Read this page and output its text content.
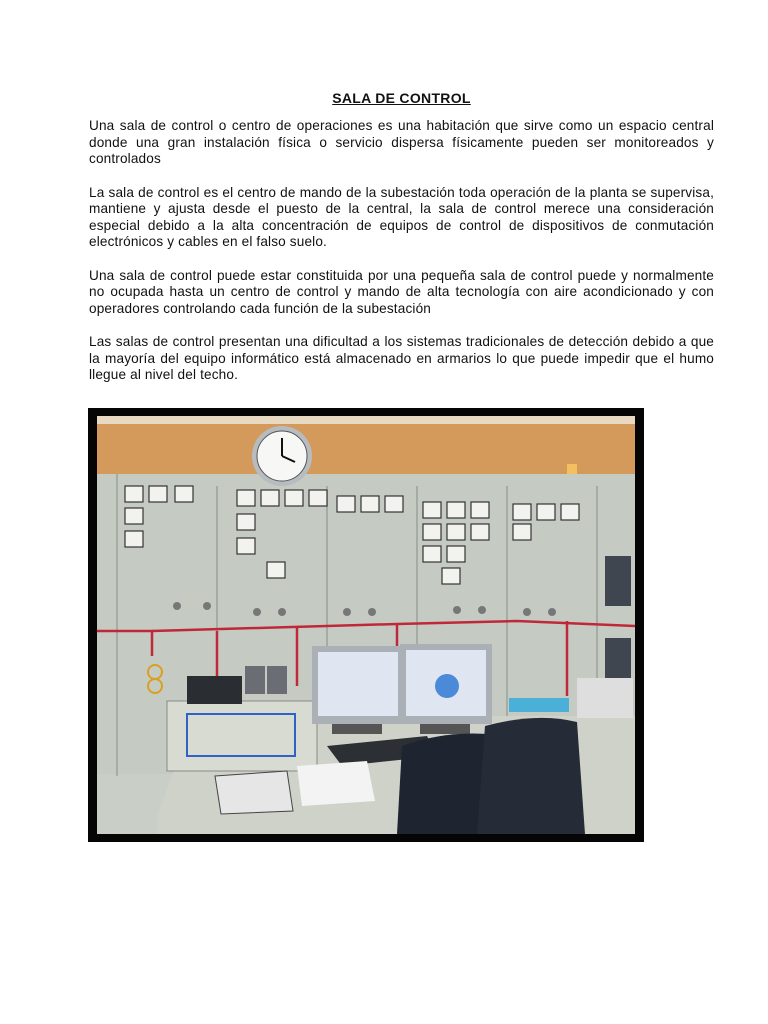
SALA DE CONTROL

Una sala de control o centro de operaciones es una habitación que sirve como un espacio central donde una gran instalación física o servicio dispersa físicamente pueden ser monitoreados y controlados

La sala de control es el centro de mando de la subestación toda operación de la planta se supervisa, mantiene y ajusta desde el puesto de la central, la sala de control merece una consideración especial debido a la alta concentración de equipos de control de dispositivos de conmutación electrónicos y cables en el falso suelo.

Una sala de control puede estar constituida por una pequeña sala de control puede y normalmente no ocupada hasta un centro de control y mando de alta tecnología con aire acondicionado y con operadores controlando cada función de la subestación

Las salas de control presentan una dificultad a los sistemas tradicionales de detección debido a que la mayoría del equipo informático está almacenado en armarios lo que puede impedir que el humo llegue al nivel del techo.
